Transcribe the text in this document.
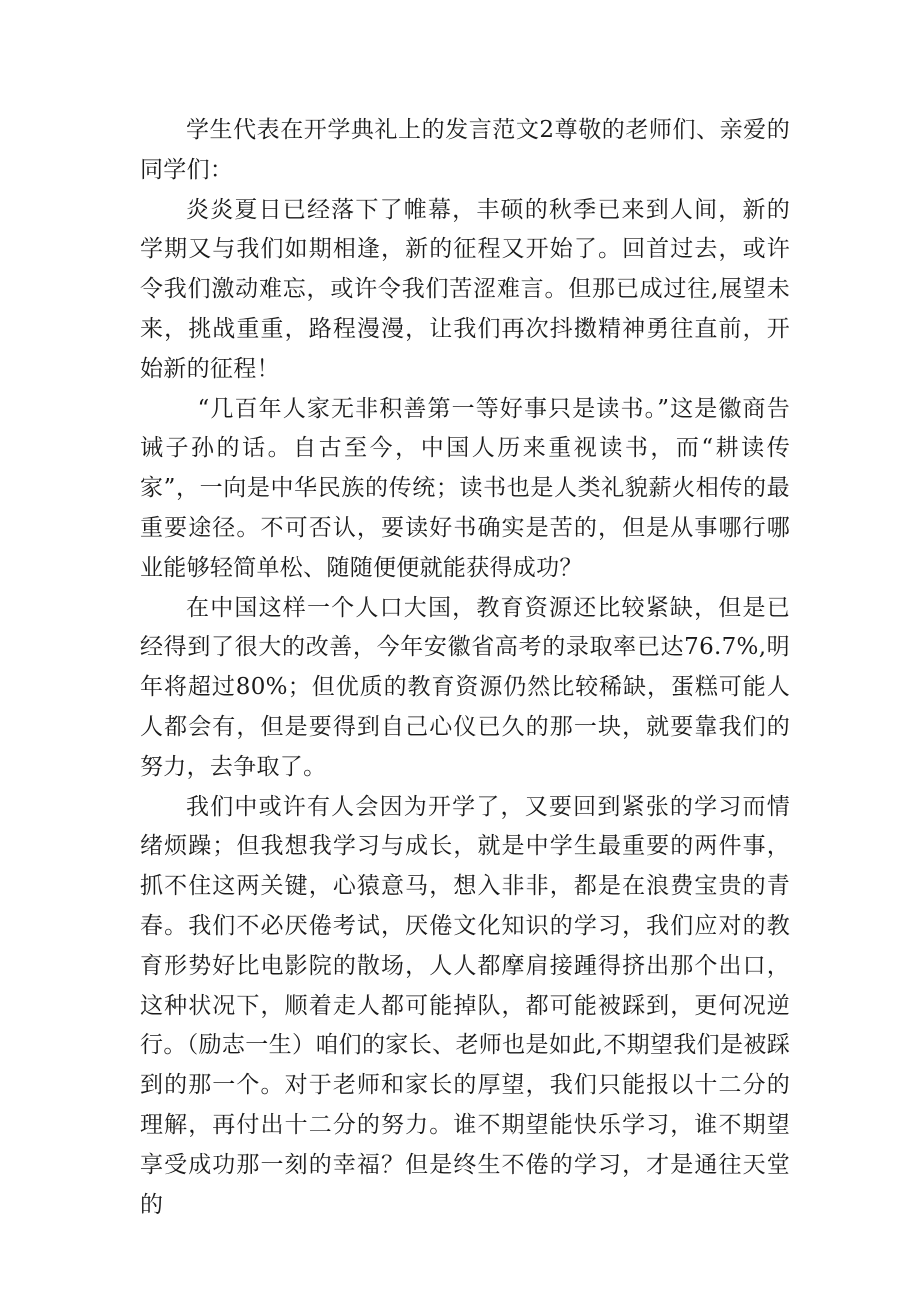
学生代表在开学典礼上的发言范文2尊敬的老师们、亲爱的同学们：

炎炎夏日已经落下了帷幕，丰硕的秋季已来到人间，新的学期又与我们如期相逢，新的征程又开始了。回首过去，或许令我们激动难忘，或许令我们苦涩难言。但那已成过往,展望未来，挑战重重，路程漫漫，让我们再次抖擞精神勇往直前，开始新的征程！

“几百年人家无非积善第一等好事只是读书。”这是徽商告诫子孙的话。自古至今，中国人历来重视读书，而“耕读传家”，一向是中华民族的传统；读书也是人类礼貌薪火相传的最重要途径。不可否认，要读好书确实是苦的，但是从事哪行哪业能够轻简单松、随随便便就能获得成功？

在中国这样一个人口大国，教育资源还比较紧缺，但是已经得到了很大的改善，今年安徽省高考的录取率已达76.7%,明年将超过80%；但优质的教育资源仍然比较稀缺，蛋糕可能人人都会有，但是要得到自己心仪已久的那一块，就要靠我们的努力，去争取了。

我们中或许有人会因为开学了，又要回到紧张的学习而情绪烦躁；但我想我学习与成长，就是中学生最重要的两件事，抓不住这两关键，心猿意马，想入非非，都是在浪费宝贵的青春。我们不必厌倦考试，厌倦文化知识的学习，我们应对的教育形势好比电影院的散场，人人都摩肩接踵得挤出那个出口，这种状况下，顺着走人都可能掉队，都可能被踩到，更何况逆行。（励志一生）咱们的家长、老师也是如此,不期望我们是被踩到的那一个。对于老师和家长的厚望，我们只能报以十二分的理解，再付出十二分的努力。谁不期望能快乐学习，谁不期望享受成功那一刻的幸福？但是终生不倦的学习，才是通往天堂的
